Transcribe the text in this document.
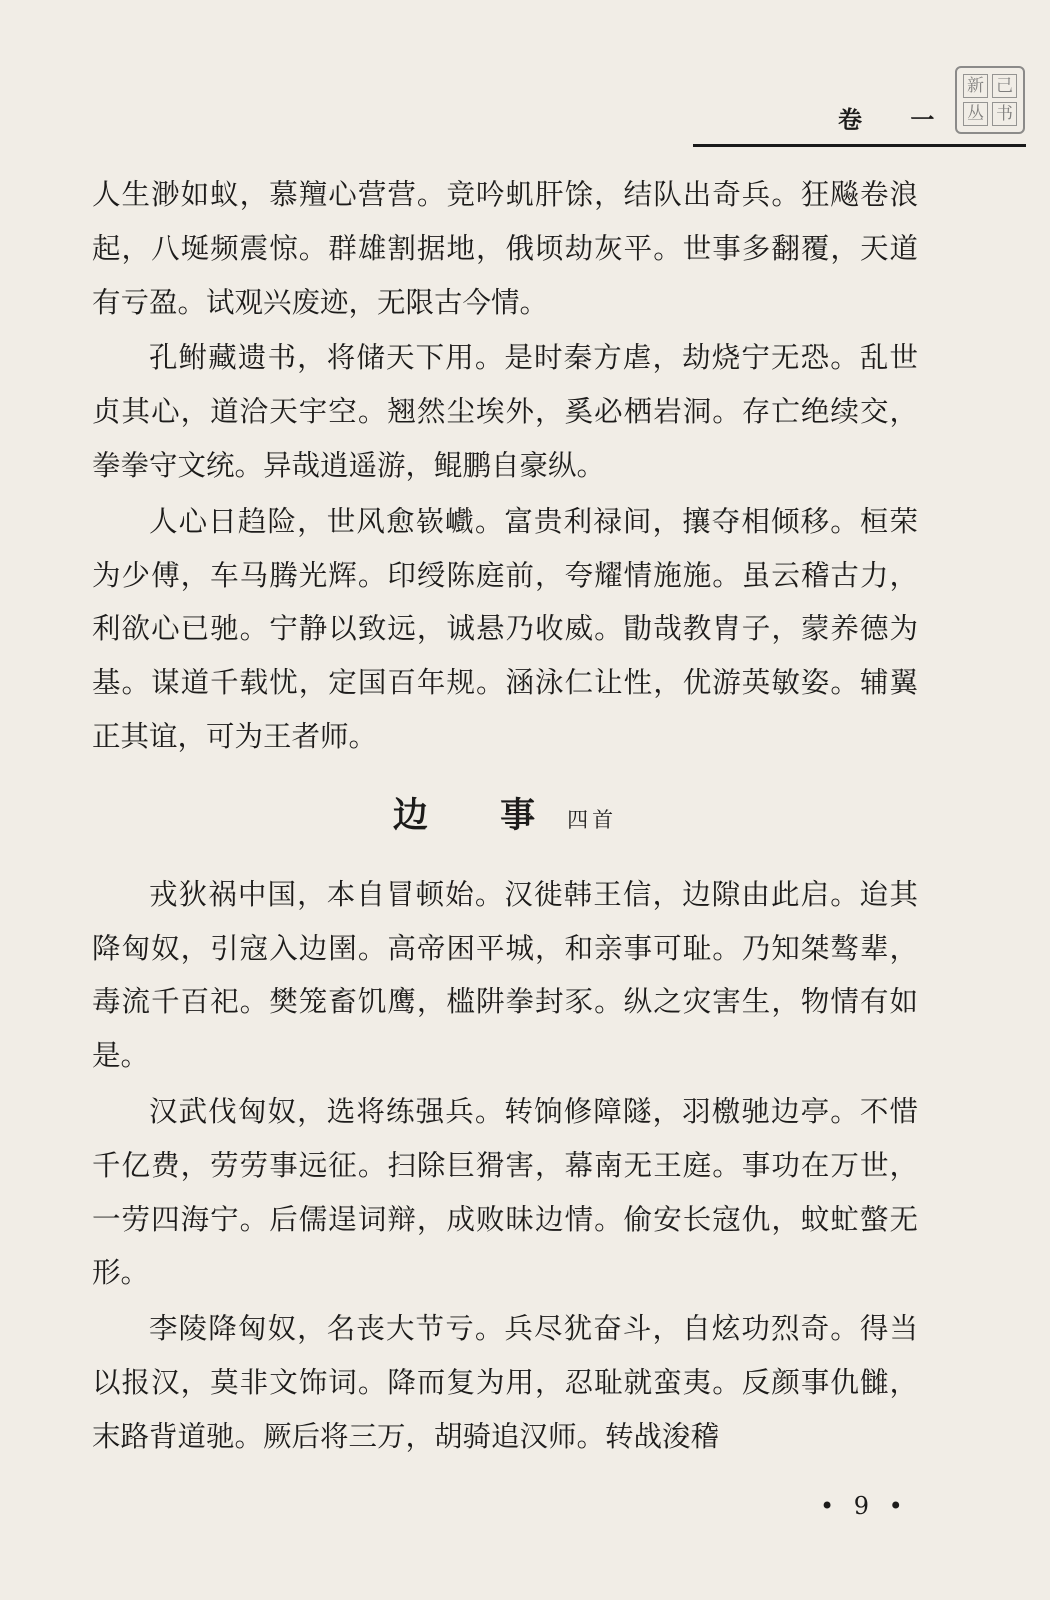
新 己
丛 书
卷 一

人生渺如蚁，慕羶心营营。竞吟虮肝馀，结队出奇兵。狂飚卷浪起，八埏频震惊。群雄割据地，俄顷劫灰平。世事多翻覆，天道有亏盈。试观兴废迹，无限古今情。

孔鲋藏遗书，将储天下用。是时秦方虐，劫烧宁无恐。乱世贞其心，道洽天宇空。翘然尘埃外，奚必栖岩洞。存亡绝续交，拳拳守文统。异哉逍遥游，鲲鹏自豪纵。

人心日趋险，世风愈嵚巇。富贵利禄间，攘夺相倾移。桓荣为少傅，车马腾光辉。印绶陈庭前，夸耀情施施。虽云稽古力，利欲心已驰。宁静以致远，诚悬乃收威。勖哉教胄子，蒙养德为基。谋道千载忧，定国百年规。涵泳仁让性，优游英敏姿。辅翼正其谊，可为王者师。

边 事四首

戎狄祸中国，本自冒顿始。汉徙韩王信，边隙由此启。迨其降匈奴，引寇入边圉。高帝困平城，和亲事可耻。乃知桀骜辈，毒流千百祀。樊笼畜饥鹰，槛阱拳封豕。纵之灾害生，物情有如是。

汉武伐匈奴，选将练强兵。转饷修障隧，羽檄驰边亭。不惜千亿费，劳劳事远征。扫除巨猾害，幕南无王庭。事功在万世，一劳四海宁。后儒逞词辩，成败昧边情。偷安长寇仇，蚊虻螫无形。

李陵降匈奴，名丧大节亏。兵尽犹奋斗，自炫功烈奇。得当以报汉，莫非文饰词。降而复为用，忍耻就蛮夷。反颜事仇雠，末路背道驰。厥后将三万，胡骑追汉师。转战浚稽

• 9 •
